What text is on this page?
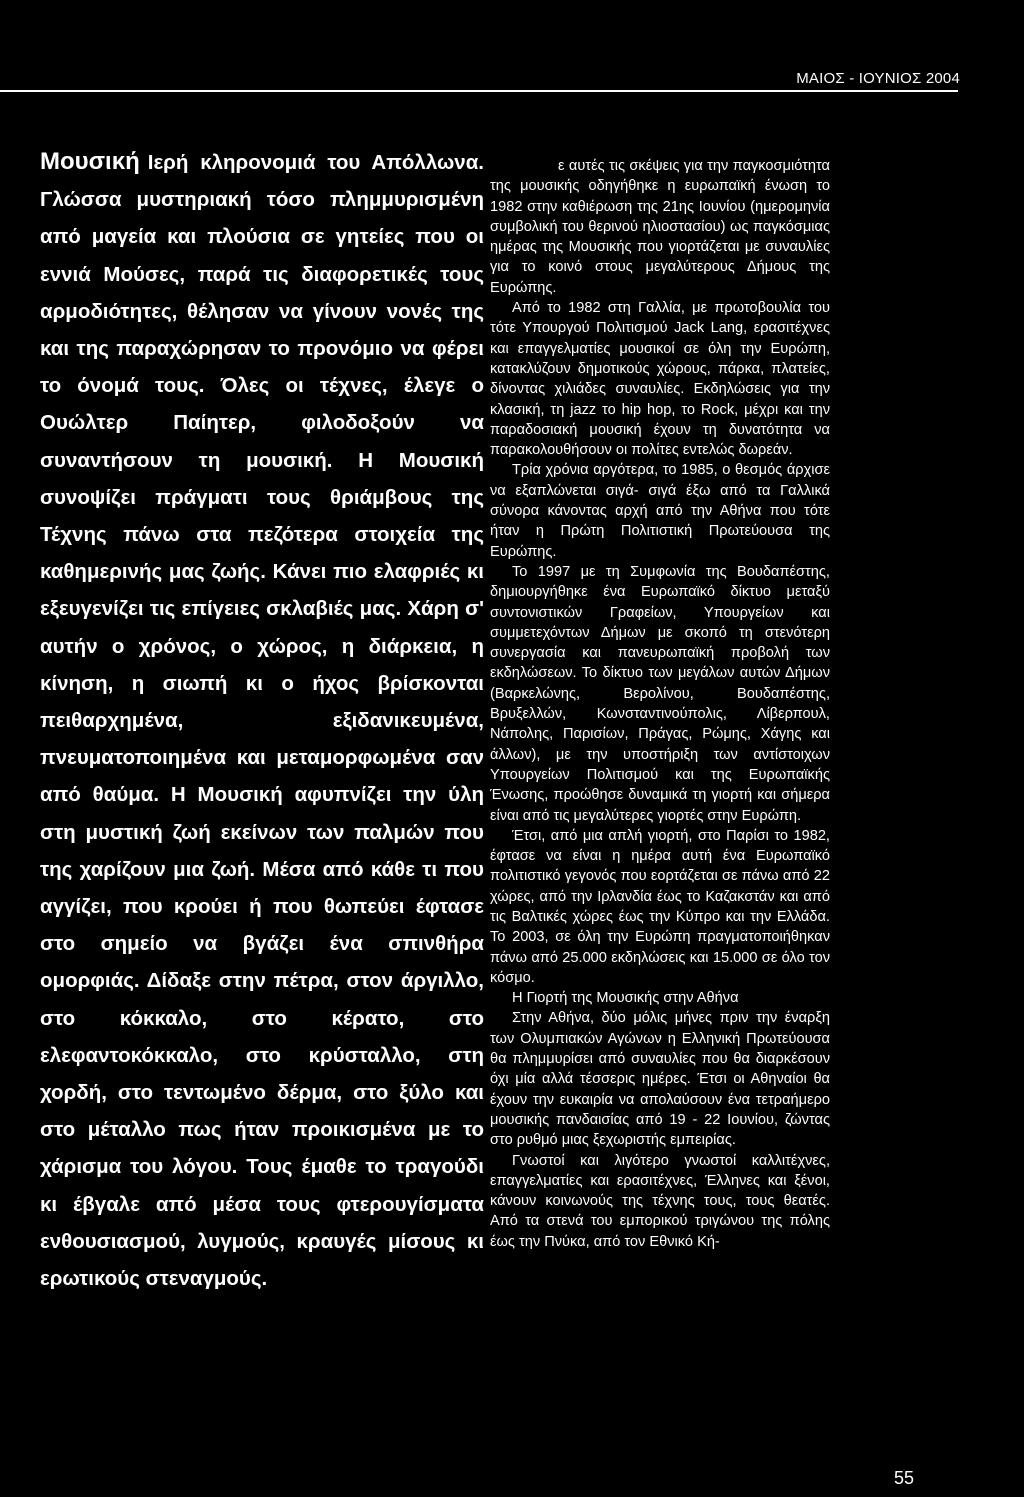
ΜΑΙΟΣ - ΙΟΥΝΙΟΣ 2004

Μουσική Ιερή κληρονομιά του Απόλλωνα. Γλώσσα μυστηριακή τόσο πλημμυρισμένη από μαγεία και πλούσια σε γητείες που οι εννιά Μούσες, παρά τις διαφορετικές τους αρμοδιότητες, θέλησαν να γίνουν νονές της και της παραχώρησαν το προνόμιο να φέρει το όνομά τους. Όλες οι τέχνες, έλεγε ο Ουώλτερ Παίητερ, φιλοδοξούν να συναντήσουν τη μουσική. Η Μουσική συνοψίζει πράγματι τους θριάμβους της Τέχνης πάνω στα πεζότερα στοιχεία της καθημερινής μας ζωής. Κάνει πιο ελαφριές κι εξευγενίζει τις επίγειες σκλαβιές μας. Χάρη σ' αυτήν ο χρόνος, ο χώρος, η διάρκεια, η κίνηση, η σιωπή κι ο ήχος βρίσκονται πειθαρχημένα, εξιδανικευμένα, πνευματοποιημένα και μεταμορφωμένα σαν από θαύμα. Η Μουσική αφυπνίζει την ύλη στη μυστική ζωή εκείνων των παλμών που της χαρίζουν μια ζωή. Μέσα από κάθε τι που αγγίζει, που κρούει ή που θωπεύει έφτασε στο σημείο να βγάζει ένα σπινθήρα ομορφιάς. Δίδαξε στην πέτρα, στον άργιλλο, στο κόκκαλο, στο κέρατο, στο ελεφαντοκόκκαλο, στο κρύσταλλο, στη χορδή, στο τεντωμένο δέρμα, στο ξύλο και στο μέταλλο πως ήταν προικισμένα με το χάρισμα του λόγου. Τους έμαθε το τραγούδι κι έβγαλε από μέσα τους φτερουγίσματα ενθουσιασμού, λυγμούς, κραυγές μίσους κι ερωτικούς στεναγμούς.

ε αυτές τις σκέψεις για την παγκοσμιότητα της μουσικής οδηγήθηκε η ευρωπαϊκή ένωση το 1982 στην καθιέρωση της 21ης Ιουνίου (ημερομηνία συμβολική του θερινού ηλιοστασίου) ως παγκόσμιας ημέρας της Μουσικής που γιορτάζεται με συναυλίες για το κοινό στους μεγαλύτερους Δήμους της Ευρώπης.

Από το 1982 στη Γαλλία, με πρωτοβουλία του τότε Υπουργού Πολιτισμού Jack Lang, ερασιτέχνες και επαγγελματίες μουσικοί σε όλη την Ευρώπη, κατακλύζουν δημοτικούς χώρους, πάρκα, πλατείες, δίνοντας χιλιάδες συναυλίες. Εκδηλώσεις για την κλασική, τη jazz το hip hop, το Rock, μέχρι και την παραδοσιακή μουσική έχουν τη δυνατότητα να παρακολουθήσουν οι πολίτες εντελώς δωρεάν.

Τρία χρόνια αργότερα, το 1985, ο θεσμός άρχισε να εξαπλώνεται σιγά- σιγά έξω από τα Γαλλικά σύνορα κάνοντας αρχή από την Αθήνα που τότε ήταν η Πρώτη Πολιτιστική Πρωτεύουσα της Ευρώπης.

Το 1997 με τη Συμφωνία της Βουδαπέστης, δημιουργήθηκε ένα Ευρωπαϊκό δίκτυο μεταξύ συντονιστικών Γραφείων, Υπουργείων και συμμετεχόντων Δήμων με σκοπό τη στενότερη συνεργασία και πανευρωπαϊκή προβολή των εκδηλώσεων. Το δίκτυο των μεγάλων αυτών Δήμων (Βαρκελώνης, Βερολίνου, Βουδαπέστης, Βρυξελλών, Κωνσταντινούπολις, Λίβερπουλ, Νάπολης, Παρισίων, Πράγας, Ρώμης, Χάγης και άλλων), με την υποστήριξη των αντίστοιχων Υπουργείων Πολιτισμού και της Ευρωπαϊκής Ένωσης, προώθησε δυναμικά τη γιορτή και σήμερα είναι από τις μεγαλύτερες γιορτές στην Ευρώπη.

Έτσι, από μια απλή γιορτή, στο Παρίσι το 1982, έφτασε να είναι η ημέρα αυτή ένα Ευρωπαϊκό πολιτιστικό γεγονός που εορτάζεται σε πάνω από 22 χώρες, από την Ιρλανδία έως το Καζακστάν και από τις Βαλτικές χώρες έως την Κύπρο και την Ελλάδα. Το 2003, σε όλη την Ευρώπη πραγματοποιήθηκαν πάνω από 25.000 εκδηλώσεις και 15.000 σε όλο τον κόσμο.

Η Γιορτή της Μουσικής στην Αθήνα

Στην Αθήνα, δύο μόλις μήνες πριν την έναρξη των Ολυμπιακών Αγώνων η Ελληνική Πρωτεύουσα θα πλημμυρίσει από συναυλίες που θα διαρκέσουν όχι μία αλλά τέσσερις ημέρες. Έτσι οι Αθηναίοι θα έχουν την ευκαιρία να απολαύσουν ένα τετραήμερο μουσικής πανδαισίας από 19 - 22 Ιουνίου, ζώντας στο ρυθμό μιας ξεχωριστής εμπειρίας.

Γνωστοί και λιγότερο γνωστοί καλλιτέχνες, επαγγελματίες και ερασιτέχνες, Έλληνες και ξένοι, κάνουν κοινωνούς της τέχνης τους, τους θεατές. Από τα στενά του εμπορικού τριγώνου της πόλης έως την Πνύκα, από τον Εθνικό Κή-

55
